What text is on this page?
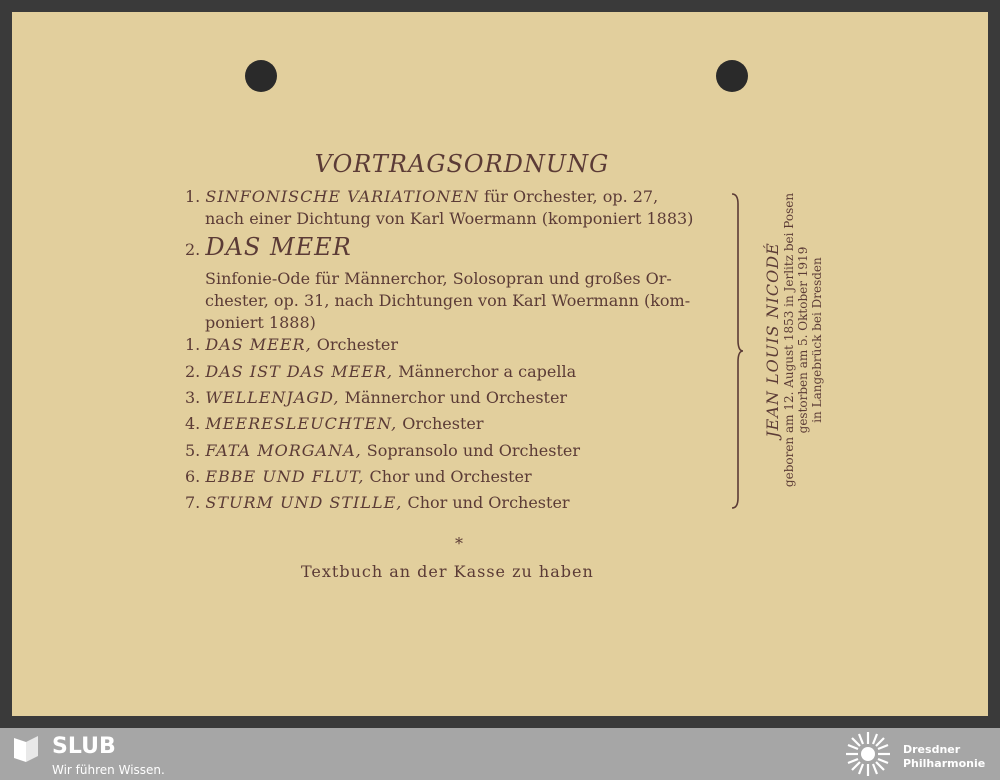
VORTRAGSORDNUNG
1. SINFONISCHE VARIATIONEN für Orchester, op. 27,
nach einer Dichtung von Karl Woermann (komponiert 1883)
2. DAS MEER
Sinfonie-Ode für Männerchor, Solosopran und großes Or-
chester, op. 31, nach Dichtungen von Karl Woermann (kom-
poniert 1888)
1. DAS MEER, Orchester
2. DAS IST DAS MEER, Männerchor a capella
3. WELLENJAGD, Männerchor und Orchester
4. MEERESLEUCHTEN, Orchester
5. FATA MORGANA, Sopransolo und Orchester
6. EBBE UND FLUT, Chor und Orchester
7. STURM UND STILLE, Chor und Orchester
*
Textbuch an der Kasse zu haben
JEAN LOUIS NICODÉ geboren am 12. August 1853 in Jerlitz bei Posen gestorben am 5. Oktober 1919 in Langebrück bei Dresden
SLUB
Wir führen Wissen.
Dresdner
Philharmonie
